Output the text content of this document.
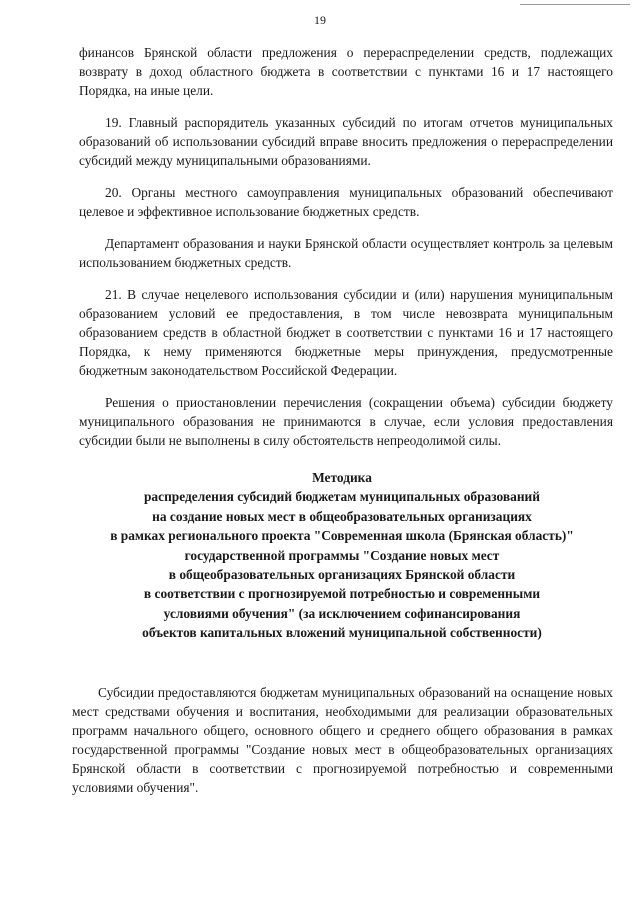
19

финансов Брянской области предложения о перераспределении средств, подлежащих возврату в доход областного бюджета в соответствии с пунктами 16 и 17 настоящего Порядка, на иные цели.

19. Главный распорядитель указанных субсидий по итогам отчетов муниципальных образований об использовании субсидий вправе вносить предложения о перераспределении субсидий между муниципальными образованиями.

20. Органы местного самоуправления муниципальных образований обеспечивают целевое и эффективное использование бюджетных средств.

Департамент образования и науки Брянской области осуществляет контроль за целевым использованием бюджетных средств.

21. В случае нецелевого использования субсидии и (или) нарушения муниципальным образованием условий ее предоставления, в том числе невозврата муниципальным образованием средств в областной бюджет в соответствии с пунктами 16 и 17 настоящего Порядка, к нему применяются бюджетные меры принуждения, предусмотренные бюджетным законодательством Российской Федерации.

Решения о приостановлении перечисления (сокращении объема) субсидии бюджету муниципального образования не принимаются в случае, если условия предоставления субсидии были не выполнены в силу обстоятельств непреодолимой силы.

Методика
распределения субсидий бюджетам муниципальных образований
на создание новых мест в общеобразовательных организациях
в рамках регионального проекта "Современная школа (Брянская область)"
государственной программы "Создание новых мест
в общеобразовательных организациях Брянской области
в соответствии с прогнозируемой потребностью и современными
условиями обучения" (за исключением софинансирования
объектов капитальных вложений муниципальной собственности)

Субсидии предоставляются бюджетам муниципальных образований на оснащение новых мест средствами обучения и воспитания, необходимыми для реализации образовательных программ начального общего, основного общего и среднего общего образования в рамках государственной программы "Создание новых мест в общеобразовательных организациях Брянской области в соответствии с прогнозируемой потребностью и современными условиями обучения".
